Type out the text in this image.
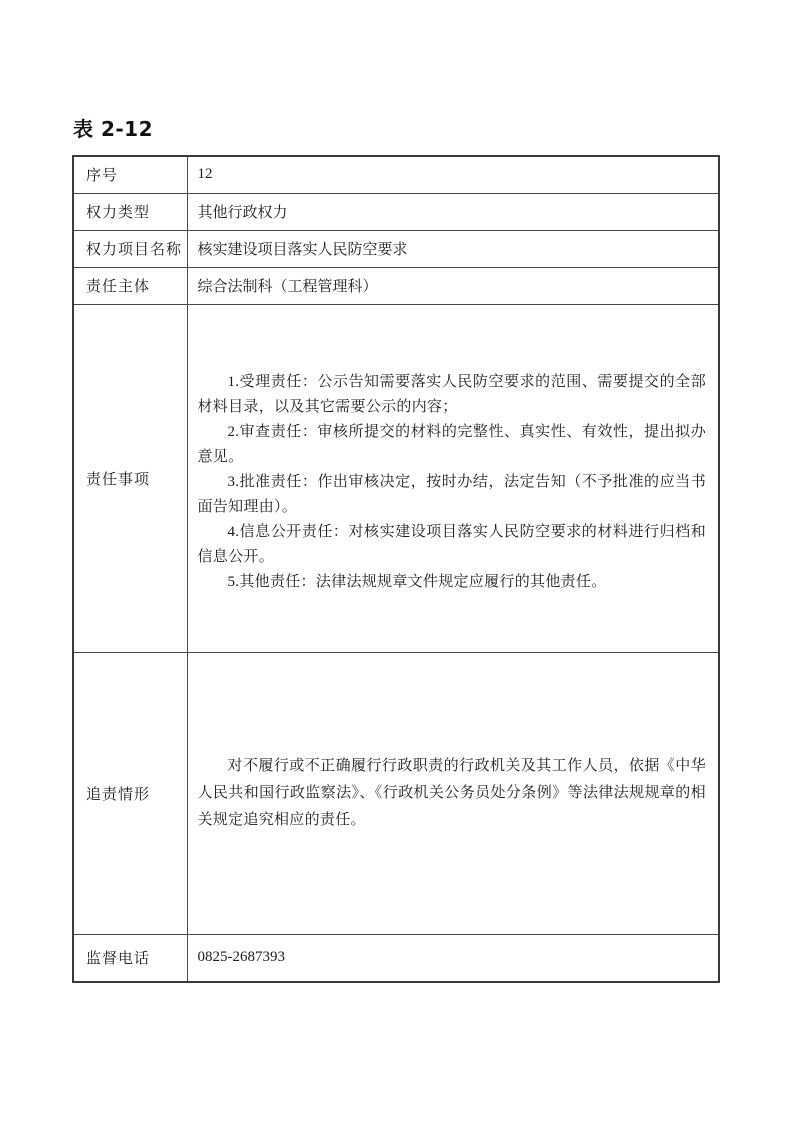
表 2-12
序号	12
权力类型	其他行政权力
权力项目名称	核实建设项目落实人民防空要求
责任主体	综合法制科（工程管理科）
责任事项	1.受理责任：公示告知需要落实人民防空要求的范围、需要提交的全部材料目录，以及其它需要公示的内容；

2.审查责任：审核所提交的材料的完整性、真实性、有效性，提出拟办意见。

3.批准责任：作出审核决定，按时办结，法定告知（不予批准的应当书面告知理由）。

4.信息公开责任：对核实建设项目落实人民防空要求的材料进行归档和信息公开。

5.其他责任：法律法规规章文件规定应履行的其他责任。

追责情形	对不履行或不正确履行行政职责的行政机关及其工作人员，依据《中华人民共和国行政监察法》、《行政机关公务员处分条例》等法律法规规章的相关规定追究相应的责任。

监督电话	0825-2687393
